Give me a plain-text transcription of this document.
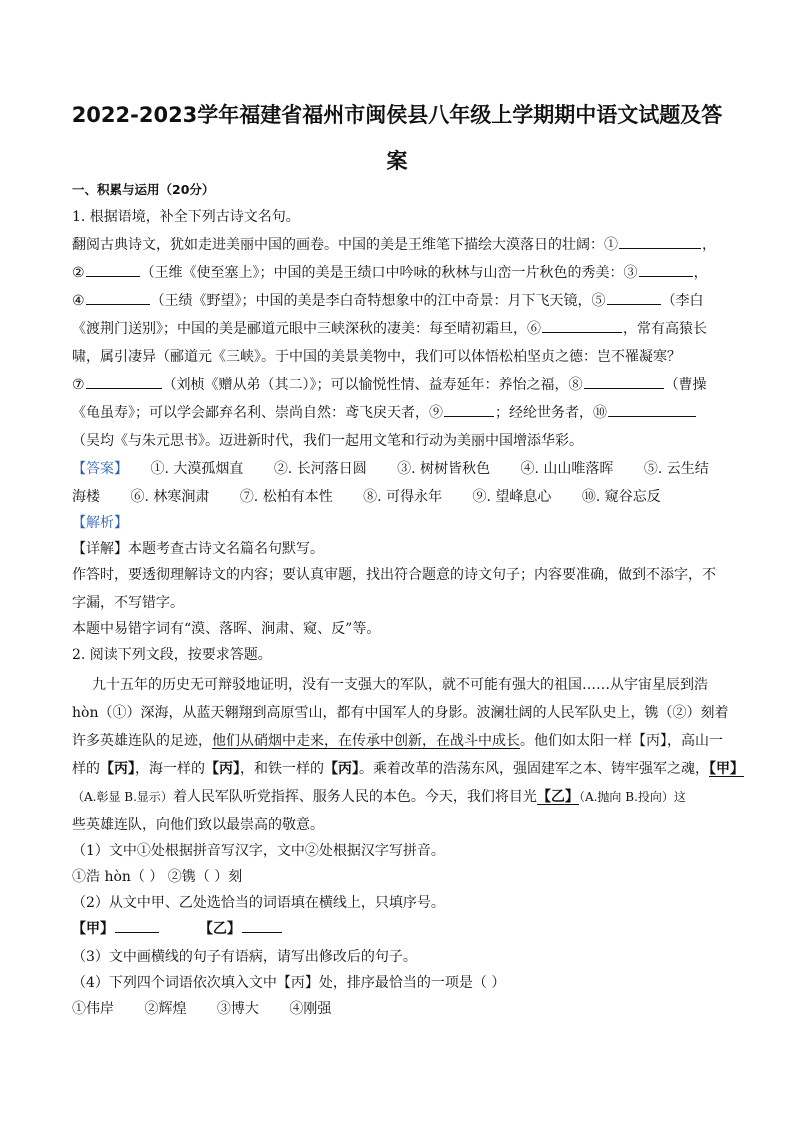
2022-2023学年福建省福州市闽侯县八年级上学期期中语文试题及答
案
一、积累与运用（20分）
1. 根据语境，补全下列古诗文名句。
翻阅古典诗文，犹如走进美丽中国的画卷。中国的美是王维笔下描绘大漠落日的壮阔：①	，
②	（王维《使至塞上》；中国的美是王绩口中吟咏的秋林与山峦一片秋色的秀美：③	，
④	（王绩《野望》；中国的美是李白奇特想象中的江中奇景：月下飞天镜，⑤	（李白
《渡荆门送别》；中国的美是郦道元眼中三峡深秋的凄美：每至晴初霜旦，⑥	，常有高猿长
啸，属引凄异（郦道元《三峡》。于中国的美景美物中，我们可以体悟松柏坚贞之德：岂不罹凝寒？
⑦	（刘桢《赠从弟（其二）》；可以愉悦性情、益寿延年：养怡之福，⑧	（曹操
《龟虽寿》；可以学会鄙弃名利、崇尚自然：鸢飞戾天者，⑨	；经纶世务者，⑩
（吴均《与朱元思书》。迈进新时代，我们一起用文笔和行动为美丽中国增添华彩。
【答案】 ①. 大漠孤烟直 ②. 长河落日圆 ③. 树树皆秋色 ④. 山山唯落晖 ⑤. 云生结
海楼 ⑥. 林寒涧肃 ⑦. 松柏有本性 ⑧. 可得永年 ⑨. 望峰息心 ⑩. 窥谷忘反
【解析】
【详解】本题考查古诗文名篇名句默写。
作答时，要透彻理解诗文的内容；要认真审题，找出符合题意的诗文句子；内容要准确，做到不添字，不
字漏，不写错字。
本题中易错字词有“漠、落晖、涧肃、窥、反”等。
2. 阅读下列文段，按要求答题。
九十五年的历史无可辩驳地证明，没有一支强大的军队，就不可能有强大的祖国……从宇宙星辰到浩
hòn（①）深海，从蓝天翱翔到高原雪山，都有中国军人的身影。波澜壮阔的人民军队史上，镌（②）刻着
许多英雄连队的足迹，他们从硝烟中走来，在传承中创新，在战斗中成长。他们如太阳一样【丙】，高山一
样的【丙】，海一样的【丙】，和铁一样的【丙】。乘着改革的浩荡东风，强固建军之本、铸牢强军之魂，【甲】
（A.彰显 B.显示）着人民军队听党指挥、服务人民的本色。今天，我们将目光【乙】（A.抛向 B.投向）这
些英雄连队，向他们致以最崇高的敬意。
（1）文中①处根据拼音写汉字，文中②处根据汉字写拼音。
①浩 hòn（ ） ②镌（ ）刻
（2）从文中甲、乙处选恰当的词语填在横线上，只填序号。
【甲】	【乙】
（3）文中画横线的句子有语病，请写出修改后的句子。
（4）下列四个词语依次填入文中【丙】处，排序最恰当的一项是（ ）
①伟岸 ②辉煌 ③博大 ④刚强
